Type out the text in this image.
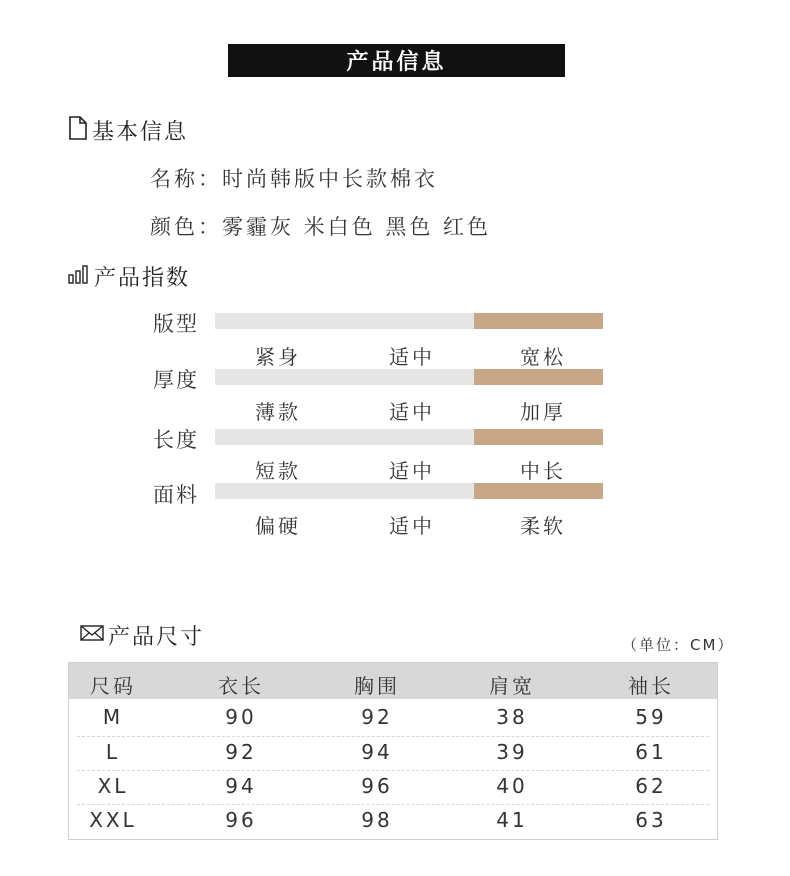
产品信息
基本信息
名称：时尚韩版中长款棉衣
颜色：雾霾灰 米白色 黑色 红色
产品指数
版型
紧身	适中	宽松
厚度
薄款	适中	加厚
长度
短款	适中	中长
面料
偏硬	适中	柔软
产品尺寸	（单位：CM）
尺码	衣长	胸围	肩宽	袖长
M	90	92	38	59
L	92	94	39	61
XL	94	96	40	62
XXL	96	98	41	63
